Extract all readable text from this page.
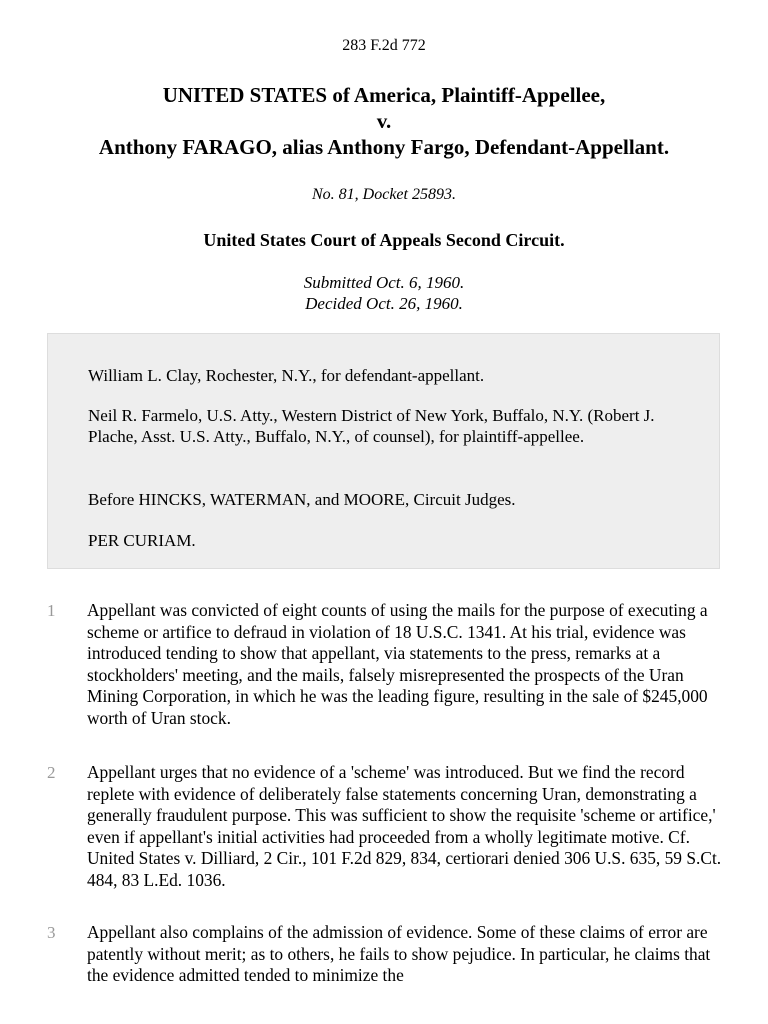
283 F.2d 772
UNITED STATES of America, Plaintiff-Appellee,
v.
Anthony FARAGO, alias Anthony Fargo, Defendant-Appellant.
No. 81, Docket 25893.
United States Court of Appeals Second Circuit.
Submitted Oct. 6, 1960.
Decided Oct. 26, 1960.

William L. Clay, Rochester, N.Y., for defendant-appellant.

Neil R. Farmelo, U.S. Atty., Western District of New York, Buffalo, N.Y. (Robert J. Plache, Asst. U.S. Atty., Buffalo, N.Y., of counsel), for plaintiff-appellee.

Before HINCKS, WATERMAN, and MOORE, Circuit Judges.

PER CURIAM.

1 Appellant was convicted of eight counts of using the mails for the purpose of executing a scheme or artifice to defraud in violation of 18 U.S.C. 1341. At his trial, evidence was introduced tending to show that appellant, via statements to the press, remarks at a stockholders' meeting, and the mails, falsely misrepresented the prospects of the Uran Mining Corporation, in which he was the leading figure, resulting in the sale of $245,000 worth of Uran stock.

2 Appellant urges that no evidence of a 'scheme' was introduced. But we find the record replete with evidence of deliberately false statements concerning Uran, demonstrating a generally fraudulent purpose. This was sufficient to show the requisite 'scheme or artifice,' even if appellant's initial activities had proceeded from a wholly legitimate motive. Cf. United States v. Dilliard, 2 Cir., 101 F.2d 829, 834, certiorari denied 306 U.S. 635, 59 S.Ct. 484, 83 L.Ed. 1036.

3 Appellant also complains of the admission of evidence. Some of these claims of error are patently without merit; as to others, he fails to show pejudice. In particular, he claims that the evidence admitted tended to minimize the
